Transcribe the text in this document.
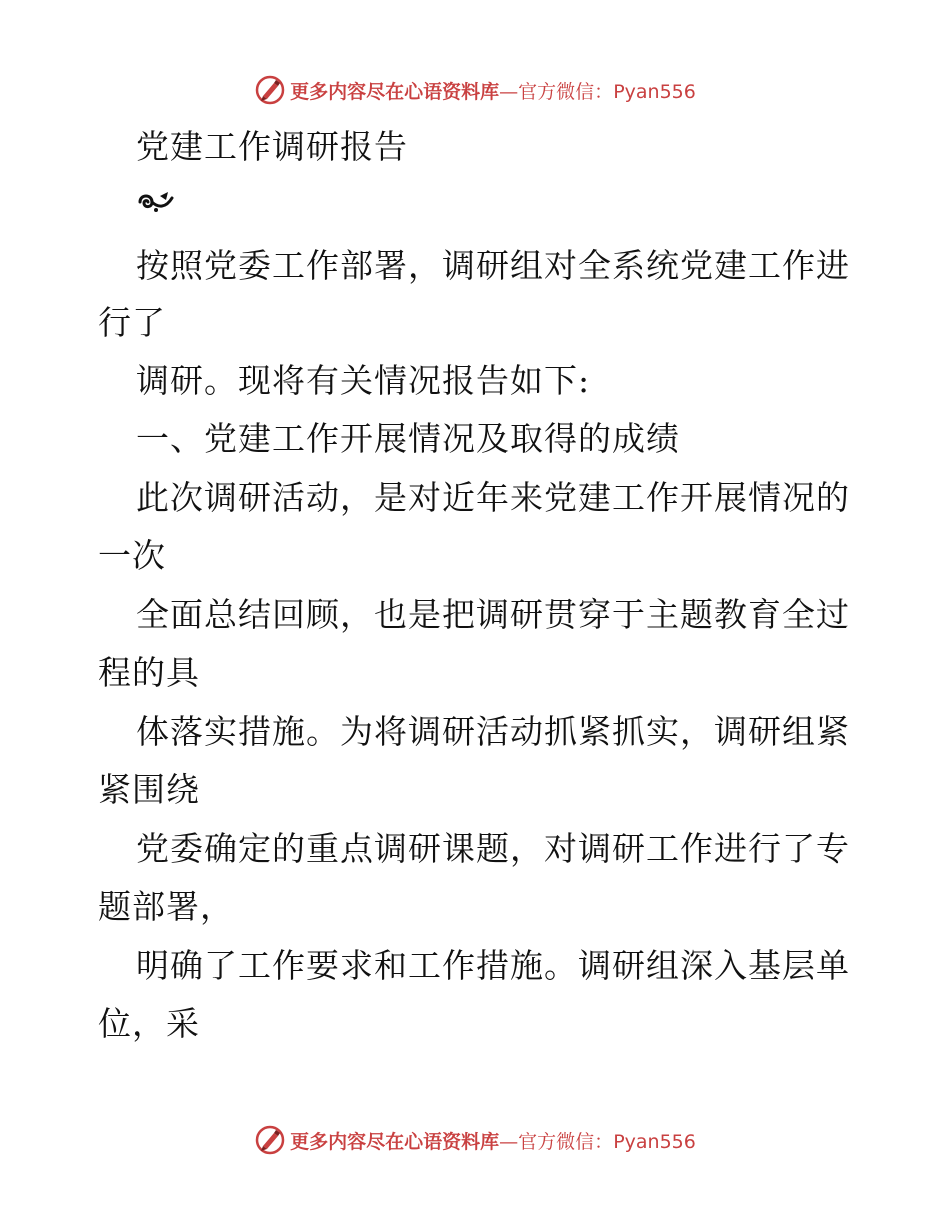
更多内容尽在心语资料库—官方微信：Pyan556
党建工作调研报告
按照党委工作部署，调研组对全系统党建工作进
行了
调研。现将有关情况报告如下:
一、党建工作开展情况及取得的成绩
此次调研活动，是对近年来党建工作开展情况的
一次
全面总结回顾，也是把调研贯穿于主题教育全过
程的具
体落实措施。为将调研活动抓紧抓实，调研组紧
紧围绕
党委确定的重点调研课题，对调研工作进行了专
题部署，
明确了工作要求和工作措施。调研组深入基层单
位，采
更多内容尽在心语资料库—官方微信：Pyan556
